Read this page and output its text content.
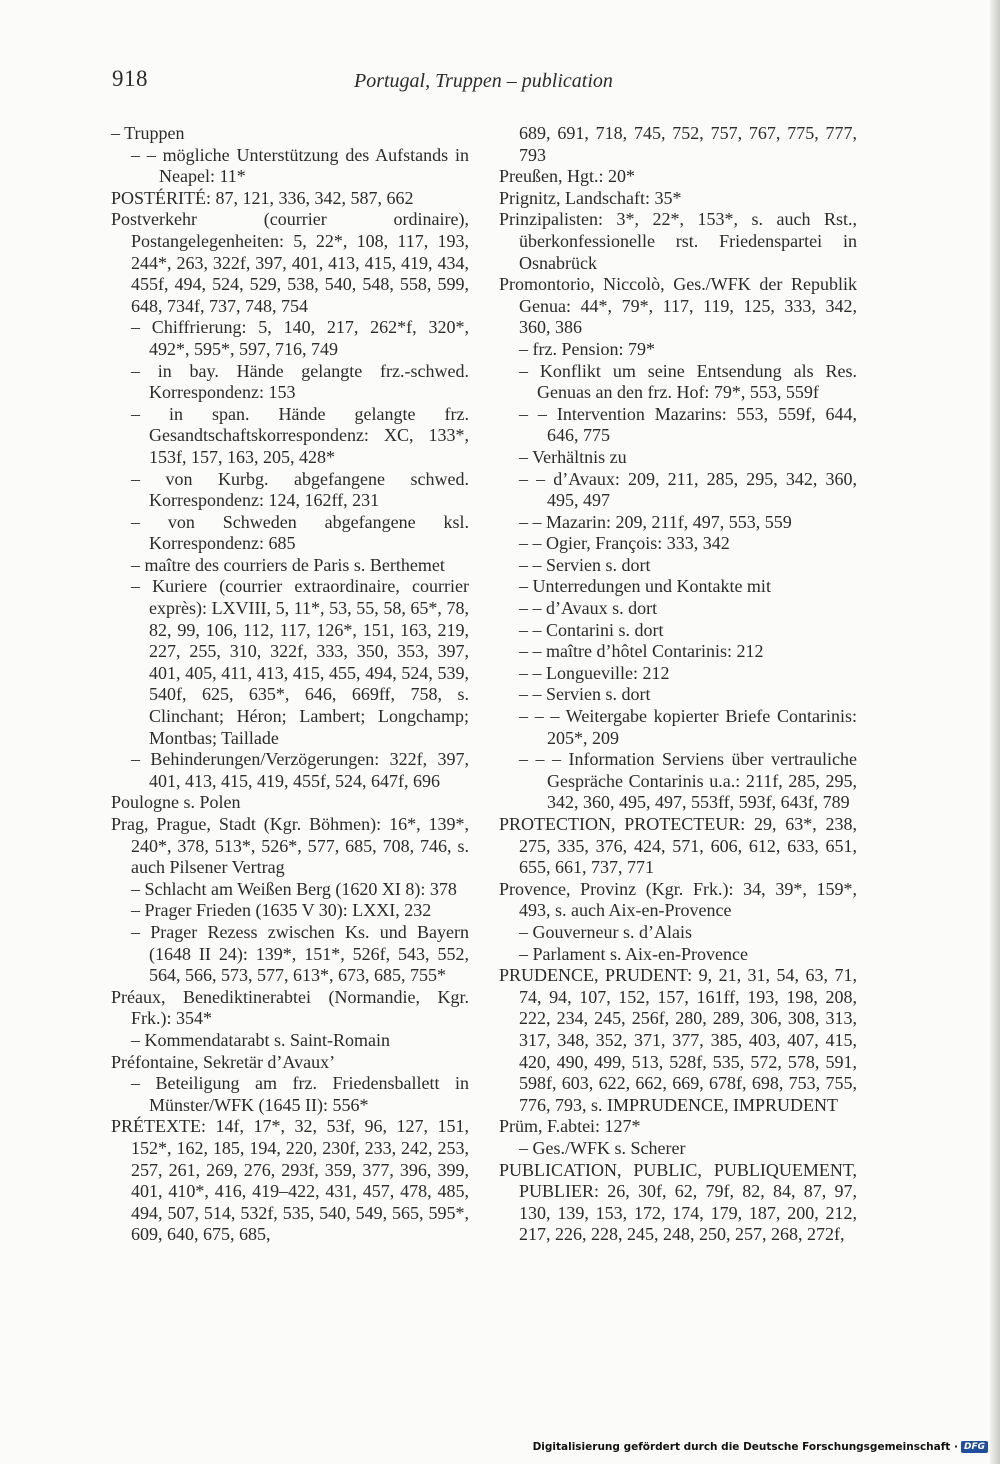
918	Portugal, Truppen – publication

– Truppen

– – mögliche Unterstützung des Aufstands in Neapel: 11*

POSTÉRITÉ: 87, 121, 336, 342, 587, 662

Postverkehr (courrier ordinaire), Postangelegenheiten: 5, 22*, 108, 117, 193, 244*, 263, 322f, 397, 401, 413, 415, 419, 434, 455f, 494, 524, 529, 538, 540, 548, 558, 599, 648, 734f, 737, 748, 754

– Chiffrierung: 5, 140, 217, 262*f, 320*, 492*, 595*, 597, 716, 749

– in bay. Hände gelangte frz.-schwed. Korrespondenz: 153

– in span. Hände gelangte frz. Gesandtschaftskorrespondenz: XC, 133*, 153f, 157, 163, 205, 428*

– von Kurbg. abgefangene schwed. Korrespondenz: 124, 162ff, 231

– von Schweden abgefangene ksl. Korrespondenz: 685

– maître des courriers de Paris s. Berthemet

– Kuriere (courrier extraordinaire, courrier exprès): LXVIII, 5, 11*, 53, 55, 58, 65*, 78, 82, 99, 106, 112, 117, 126*, 151, 163, 219, 227, 255, 310, 322f, 333, 350, 353, 397, 401, 405, 411, 413, 415, 455, 494, 524, 539, 540f, 625, 635*, 646, 669ff, 758, s. Clinchant; Héron; Lambert; Longchamp; Montbas; Taillade

– Behinderungen/Verzögerungen: 322f, 397, 401, 413, 415, 419, 455f, 524, 647f, 696

Poulogne s. Polen

Prag, Prague, Stadt (Kgr. Böhmen): 16*, 139*, 240*, 378, 513*, 526*, 577, 685, 708, 746, s. auch Pilsener Vertrag

– Schlacht am Weißen Berg (1620 XI 8): 378

– Prager Frieden (1635 V 30): LXXI, 232

– Prager Rezess zwischen Ks. und Bayern (1648 II 24): 139*, 151*, 526f, 543, 552, 564, 566, 573, 577, 613*, 673, 685, 755*

Préaux, Benediktinerabtei (Normandie, Kgr. Frk.): 354*

– Kommendatarabt s. Saint-Romain

Préfontaine, Sekretär d’Avaux’

– Beteiligung am frz. Friedensballett in Münster/WFK (1645 II): 556*

PRÉTEXTE: 14f, 17*, 32, 53f, 96, 127, 151, 152*, 162, 185, 194, 220, 230f, 233, 242, 253, 257, 261, 269, 276, 293f, 359, 377, 396, 399, 401, 410*, 416, 419–422, 431, 457, 478, 485, 494, 507, 514, 532f, 535, 540, 549, 565, 595*, 609, 640, 675, 685,

689, 691, 718, 745, 752, 757, 767, 775, 777, 793

Preußen, Hgt.: 20*

Prignitz, Landschaft: 35*

Prinzipalisten: 3*, 22*, 153*, s. auch Rst., überkonfessionelle rst. Friedenspartei in Osnabrück

Promontorio, Niccolò, Ges./WFK der Republik Genua: 44*, 79*, 117, 119, 125, 333, 342, 360, 386

– frz. Pension: 79*

– Konflikt um seine Entsendung als Res. Genuas an den frz. Hof: 79*, 553, 559f

– – Intervention Mazarins: 553, 559f, 644, 646, 775

– Verhältnis zu

– – d’Avaux: 209, 211, 285, 295, 342, 360, 495, 497

– – Mazarin: 209, 211f, 497, 553, 559

– – Ogier, François: 333, 342

– – Servien s. dort

– Unterredungen und Kontakte mit

– – d’Avaux s. dort

– – Contarini s. dort

– – maître d’hôtel Contarinis: 212

– – Longueville: 212

– – Servien s. dort

– – – Weitergabe kopierter Briefe Contarinis: 205*, 209

– – – Information Serviens über vertrauliche Gespräche Contarinis u.a.: 211f, 285, 295, 342, 360, 495, 497, 553ff, 593f, 643f, 789

PROTECTION, PROTECTEUR: 29, 63*, 238, 275, 335, 376, 424, 571, 606, 612, 633, 651, 655, 661, 737, 771

Provence, Provinz (Kgr. Frk.): 34, 39*, 159*, 493, s. auch Aix-en-Provence

– Gouverneur s. d’Alais

– Parlament s. Aix-en-Provence

PRUDENCE, PRUDENT: 9, 21, 31, 54, 63, 71, 74, 94, 107, 152, 157, 161ff, 193, 198, 208, 222, 234, 245, 256f, 280, 289, 306, 308, 313, 317, 348, 352, 371, 377, 385, 403, 407, 415, 420, 490, 499, 513, 528f, 535, 572, 578, 591, 598f, 603, 622, 662, 669, 678f, 698, 753, 755, 776, 793, s. IMPRUDENCE, IMPRUDENT

Prüm, F.abtei: 127*

– Ges./WFK s. Scherer

PUBLICATION, PUBLIC, PUBLIQUEMENT, PUBLIER: 26, 30f, 62, 79f, 82, 84, 87, 97, 130, 139, 153, 172, 174, 179, 187, 200, 212, 217, 226, 228, 245, 248, 250, 257, 268, 272f,

Digitalisierung gefördert durch die Deutsche Forschungsgemeinschaft · DFG
